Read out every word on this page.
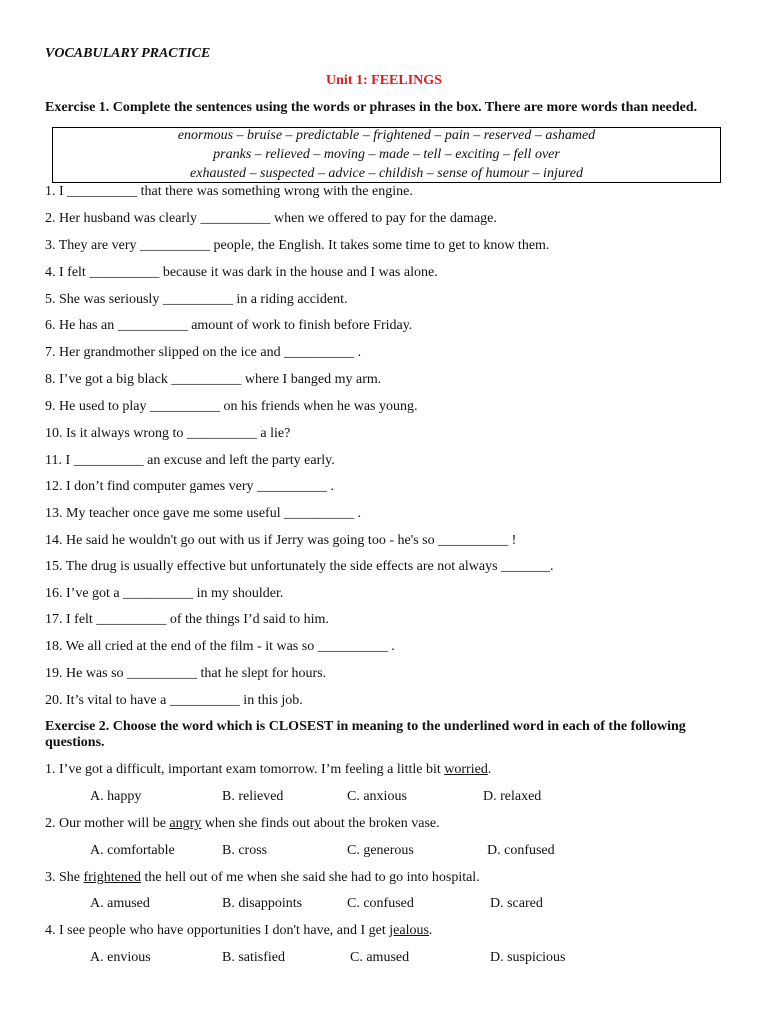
VOCABULARY PRACTICE
Unit 1: FEELINGS
Exercise 1. Complete the sentences using the words or phrases in the box. There are more words than needed.
enormous – bruise – predictable – frightened – pain – reserved – ashamed
pranks – relieved – moving – made – tell – exciting – fell over
exhausted – suspected – advice – childish – sense of humour – injured
1. I __________ that there was something wrong with the engine.
2. Her husband was clearly __________ when we offered to pay for the damage.
3. They are very __________ people, the English. It takes some time to get to know them.
4. I felt __________ because it was dark in the house and I was alone.
5. She was seriously __________ in a riding accident.
6. He has an __________ amount of work to finish before Friday.
7. Her grandmother slipped on the ice and __________ .
8. I’ve got a big black __________ where I banged my arm.
9. He used to play __________ on his friends when he was young.
10. Is it always wrong to __________ a lie?
11. I __________ an excuse and left the party early.
12. I don’t find computer games very __________ .
13. My teacher once gave me some useful __________ .
14. He said he wouldn't go out with us if Jerry was going too - he's so __________ !
15. The drug is usually effective but unfortunately the side effects are not always _______.
16. I’ve got a __________ in my shoulder.
17. I felt __________ of the things I’d said to him.
18. We all cried at the end of the film - it was so __________ .
19. He was so __________ that he slept for hours.
20. It’s vital to have a __________ in this job.
Exercise 2. Choose the word which is CLOSEST in meaning to the underlined word in each of the following
questions.
1. I’ve got a difficult, important exam tomorrow. I’m feeling a little bit worried.
A. happy	B. relieved	C. anxious	D. relaxed
2. Our mother will be angry when she finds out about the broken vase.
A. comfortable	B. cross	C. generous	D. confused
3. She frightened the hell out of me when she said she had to go into hospital.
A. amused	B. disappoints	C. confused	D. scared
4. I see people who have opportunities I don't have, and I get jealous.
A. envious	B. satisfied	C. amused	D. suspicious
